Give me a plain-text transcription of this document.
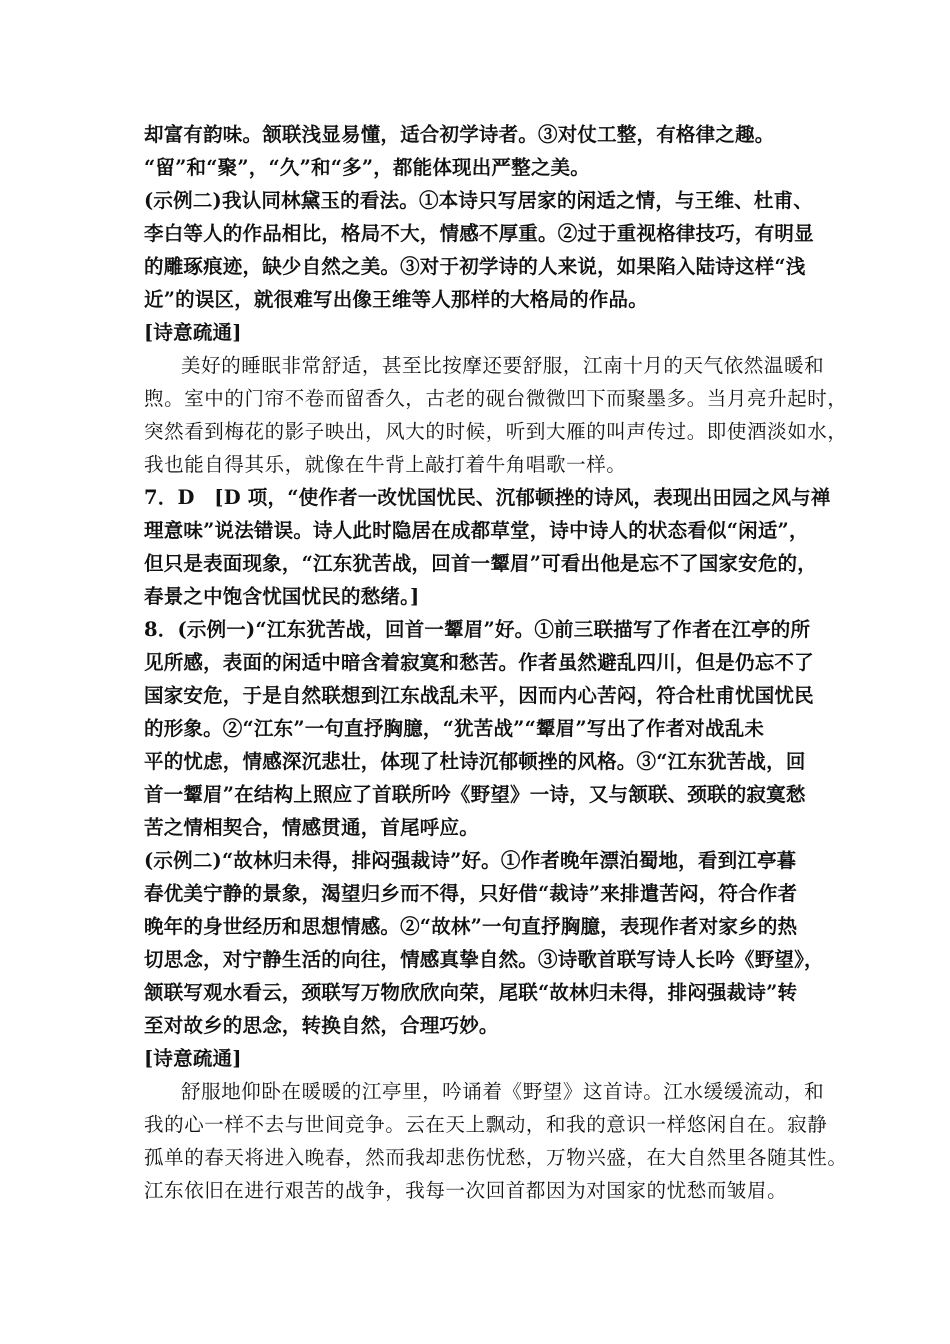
却富有韵味。颔联浅显易懂，适合初学诗者。③对仗工整，有格律之趣。
“留”和“聚”，“久”和“多”，都能体现出严整之美。
(示例二)我认同林黛玉的看法。①本诗只写居家的闲适之情，与王维、杜甫、
李白等人的作品相比，格局不大，情感不厚重。②过于重视格律技巧，有明显
的雕琢痕迹，缺少自然之美。③对于初学诗的人来说，如果陷入陆诗这样“浅
近”的误区，就很难写出像王维等人那样的大格局的作品。
[诗意疏通]
美好的睡眠非常舒适，甚至比按摩还要舒服，江南十月的天气依然温暖和
煦。室中的门帘不卷而留香久，古老的砚台微微凹下而聚墨多。当月亮升起时，
突然看到梅花的影子映出，风大的时候，听到大雁的叫声传过。即使酒淡如水，
我也能自得其乐，就像在牛背上敲打着牛角唱歌一样。
7．D　[D 项，“使作者一改忧国忧民、沉郁顿挫的诗风，表现出田园之风与禅
理意味”说法错误。诗人此时隐居在成都草堂，诗中诗人的状态看似“闲适”，
但只是表面现象，“江东犹苦战，回首一颦眉”可看出他是忘不了国家安危的，
春景之中饱含忧国忧民的愁绪。]
8．(示例一)“江东犹苦战，回首一颦眉”好。①前三联描写了作者在江亭的所
见所感，表面的闲适中暗含着寂寞和愁苦。作者虽然避乱四川，但是仍忘不了
国家安危，于是自然联想到江东战乱未平，因而内心苦闷，符合杜甫忧国忧民
的形象。②“江东”一句直抒胸臆，“犹苦战”“颦眉”写出了作者对战乱未
平的忧虑，情感深沉悲壮，体现了杜诗沉郁顿挫的风格。③“江东犹苦战，回
首一颦眉”在结构上照应了首联所吟《野望》一诗，又与颔联、颈联的寂寞愁
苦之情相契合，情感贯通，首尾呼应。
(示例二)“故林归未得，排闷强裁诗”好。①作者晚年漂泊蜀地，看到江亭暮
春优美宁静的景象，渴望归乡而不得，只好借“裁诗”来排遣苦闷，符合作者
晚年的身世经历和思想情感。②“故林”一句直抒胸臆，表现作者对家乡的热
切思念，对宁静生活的向往，情感真挚自然。③诗歌首联写诗人长吟《野望》，
颔联写观水看云，颈联写万物欣欣向荣，尾联“故林归未得，排闷强裁诗”转
至对故乡的思念，转换自然，合理巧妙。
[诗意疏通]
舒服地仰卧在暖暖的江亭里，吟诵着《野望》这首诗。江水缓缓流动，和
我的心一样不去与世间竞争。云在天上飘动，和我的意识一样悠闲自在。寂静
孤单的春天将进入晚春，然而我却悲伤忧愁，万物兴盛，在大自然里各随其性。
江东依旧在进行艰苦的战争，我每一次回首都因为对国家的忧愁而皱眉。
